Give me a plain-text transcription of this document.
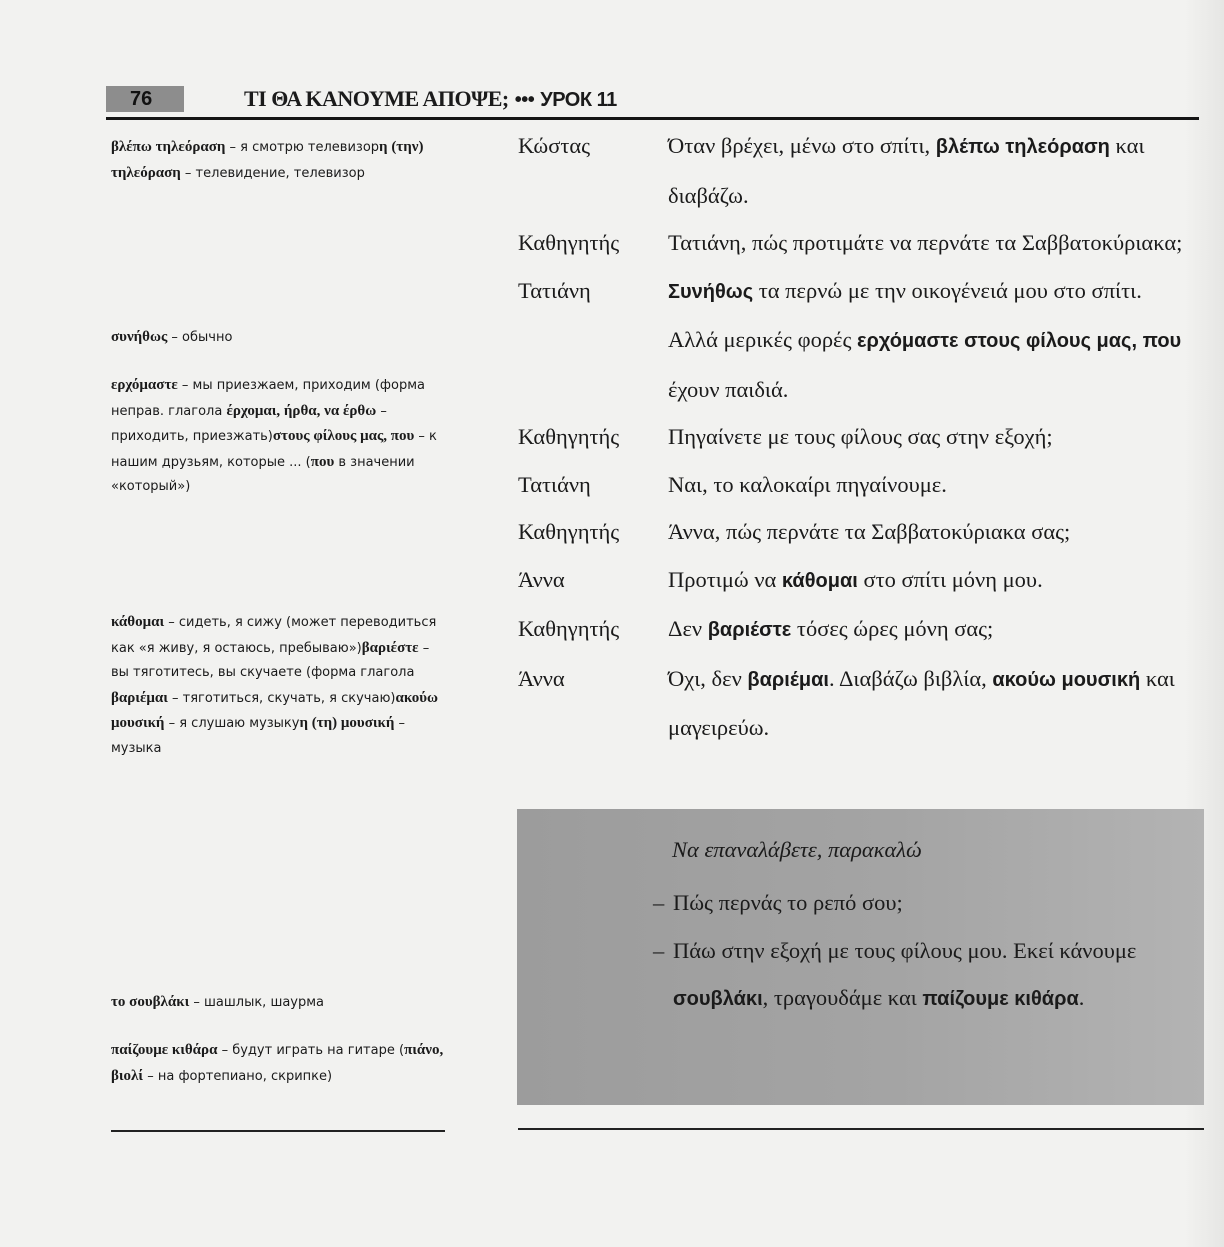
76	ΤΙ ΘΑ ΚΑΝΟΥΜΕ ΑΠΟΨΕ; ••• УРОК 11
βλέπω τηλεόραση – я смотрю телевизорη (την) τηλεόραση – телевидение, телевизор
συνήθως – обычно
ερχόμαστε – мы приезжаем, приходим (форма неправ. глагола έρχομαι, ήρθα, να έρθω – приходить, приезжать)στους φίλους μας, που – к нашим друзьям, которые ... (που в значении «который»)
κάθομαι – сидеть, я сижу (может переводиться как «я живу, я остаюсь, пребываю»)βαριέστε – вы тяготитесь, вы скучаете (форма глагола βαριέμαι – тяготиться, скучать, я скучаю)ακούω μουσική – я слушаю музыкуη (τη) μουσική – музыка
το σουβλάκι – шашлык, шаурма
παίζουμε κιθάρα – будут играть на гитаре (πιάνο, βιολί – на фортепиано, скрипке)
Κώστας	Όταν βρέχει, μένω στο σπίτι, βλέπω τηλεόραση και διαβάζω.
Καθηγητής	Τατιάνη, πώς προτιμάτε να περνάτε τα Σαββατοκύριακα;
Τατιάνη	Συνήθως τα περνώ με την οικογένειά μου στο σπίτι. Αλλά μερικές φορές ερχόμαστε στους φίλους μας, που έχουν παιδιά.
Καθηγητής	Πηγαίνετε με τους φίλους σας στην εξοχή;
Τατιάνη	Ναι, το καλοκαίρι πηγαίνουμε.
Καθηγητής	Άννα, πώς περνάτε τα Σαββατοκύριακα σας;
Άννα	Προτιμώ να κάθομαι στο σπίτι μόνη μου.
Καθηγητής	Δεν βαριέστε τόσες ώρες μόνη σας;
Άννα	Όχι, δεν βαριέμαι. Διαβάζω βιβλία, ακούω μουσική και μαγειρεύω.
Να επαναλάβετε, παρακαλώ
– Πώς περνάς το ρεπό σου;
– Πάω στην εξοχή με τους φίλους μου. Εκεί κάνουμε σουβλάκι, τραγουδάμε και παίζουμε κιθάρα.
